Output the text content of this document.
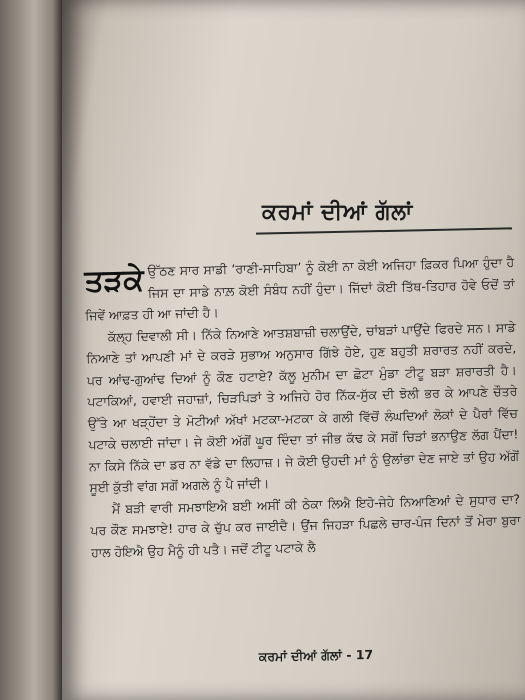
ਕਰਮਾਂ ਦੀਆਂ ਗੱਲਾਂ

ਤੜਕੇ ਉੱਠਣ ਸਾਰ ਸਾਡੀ ‘ਰਾਣੀ-ਸਾਹਿਬਾ’ ਨੂੰ ਕੋਈ ਨਾ ਕੋਈ ਅਜਿਹਾ ਫ਼ਿਕਰ ਪਿਆ ਹੁੰਦਾ ਹੈ ਜਿਸ ਦਾ ਸਾਡੇ ਨਾਲ਼ ਕੋਈ ਸੰਬੰਧ ਨਹੀਂ ਹੁੰਦਾ। ਜਿੱਦਾਂ ਕੋਈ ਤਿੱਥ-ਤਿਹਾਰ ਹੋਵੇ ਓਦੋਂ ਤਾਂ ਜਿਵੇਂ ਆਫ਼ਤ ਹੀ ਆ ਜਾਂਦੀ ਹੈ।

ਕੱਲ੍ਹ ਦਿਵਾਲੀ ਸੀ। ਨਿੱਕੇ ਨਿਆਣੇ ਆਤਸ਼ਬਾਜ਼ੀ ਚਲਾਉਂਦੇ, ਚਾਂਬੜਾਂ ਪਾਉਂਦੇ ਫਿਰਦੇ ਸਨ। ਸਾਡੇ ਨਿਆਣੇ ਤਾਂ ਆਪਣੀ ਮਾਂ ਦੇ ਕਰੜੇ ਸੁਭਾਅ ਅਨੁਸਾਰ ਗਿੱਝੇ ਹੋਏ, ਹੁਣ ਬਹੁਤੀ ਸ਼ਰਾਰਤ ਨਹੀਂ ਕਰਦੇ, ਪਰ ਆਂਢ-ਗੁਆਂਢ ਦਿਆਂ ਨੂੰ ਕੌਣ ਹਟਾਏ? ਕੱਲੂ ਮੁਨੀਮ ਦਾ ਛੋਟਾ ਮੁੰਡਾ ਟੀਟੂ ਬੜਾ ਸ਼ਰਾਰਤੀ ਹੈ। ਪਟਾਕਿਆਂ, ਹਵਾਈ ਜਹਾਜ਼ਾਂ, ਚਿੜਪਿੜਾਂ ਤੇ ਅਜਿਹੇ ਹੋਰ ਨਿੱਕ-ਸੁੱਕ ਦੀ ਝੋਲੀ ਭਰ ਕੇ ਆਪਣੇ ਚੌਤਰੇ ਉੱਤੇ ਆ ਖੜ੍ਹੋਂਦਾ ਤੇ ਮੋਟੀਆਂ ਅੱਖਾਂ ਮਟਕਾ-ਮਟਕਾ ਕੇ ਗਲੀ ਵਿੱਚੋਂ ਲੰਘਦਿਆਂ ਲੋਕਾਂ ਦੇ ਪੈਰਾਂ ਵਿੱਚ ਪਟਾਕੇ ਚਲਾਈ ਜਾਂਦਾ। ਜੇ ਕੋਈ ਅੱਗੋਂ ਘੂਰ ਦਿੰਦਾ ਤਾਂ ਜੀਭ ਕੱਢ ਕੇ ਸਗੋਂ ਚਿੜਾਂ ਭਨਾਉਣ ਲੱਗ ਪੈਂਦਾ! ਨਾ ਕਿਸੇ ਨਿੱਕੇ ਦਾ ਡਰ ਨਾ ਵੱਡੇ ਦਾ ਲਿਹਾਜ਼। ਜੇ ਕੋਈ ਉਹਦੀ ਮਾਂ ਨੂੰ ਉਲਾਂਭਾ ਦੇਣ ਜਾਏ ਤਾਂ ਉਹ ਅੱਗੋਂ ਸੂਈ ਕੁੱਤੀ ਵਾਂਗ ਸਗੋਂ ਅਗਲੇ ਨੂੰ ਪੈ ਜਾਂਦੀ।

ਮੈਂ ਬੜੀ ਵਾਰੀ ਸਮਝਾਇਐ ਬਈ ਅਸੀਂ ਕੀ ਠੇਕਾ ਲਿਐ ਇਹੋ-ਜੇਹੇ ਨਿਆਣਿਆਂ ਦੇ ਸੁਧਾਰ ਦਾ? ਪਰ ਕੌਣ ਸਮਝਾਏ! ਹਾਰ ਕੇ ਚੁੱਪ ਕਰ ਜਾਈਦੈ। ਉਂਜ ਜਿਹੜਾ ਪਿਛਲੇ ਚਾਰ-ਪੰਜ ਦਿਨਾਂ ਤੋਂ ਮੇਰਾ ਬੁਰਾ ਹਾਲ ਹੋਇਐ ਉਹ ਮੈਨੂੰ ਹੀ ਪਤੈ। ਜਦੋਂ ਟੀਟੂ ਪਟਾਕੇ ਲੈ

ਕਰਮਾਂ ਦੀਆਂ ਗੱਲਾਂ - 17
